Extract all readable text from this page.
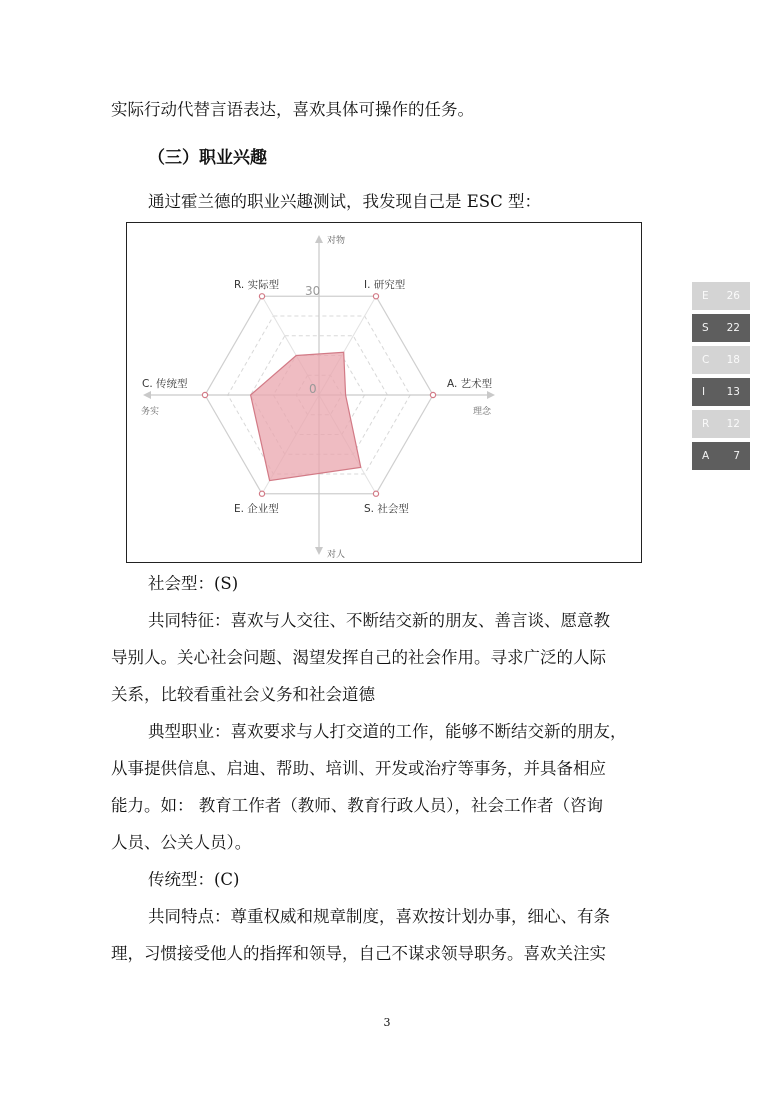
实际行动代替言语表达，喜欢具体可操作的任务。
（三）职业兴趣
通过霍兰德的职业兴趣测试，我发现自己是 ESC 型：
R. 实际型	I. 研究型
A. 艺术型
S. 社会型
E. 企业型
C. 传统型
对物
对人
务实	理念
30
0
E 26
S 22
C 18
I 13
R 12
A 7
社会型：(S)
共同特征：喜欢与人交往、不断结交新的朋友、善言谈、愿意教
导别人。关心社会问题、渴望发挥自己的社会作用。寻求广泛的人际
关系，比较看重社会义务和社会道德
典型职业：喜欢要求与人打交道的工作，能够不断结交新的朋友，
从事提供信息、启迪、帮助、培训、开发或治疗等事务，并具备相应
能力。如： 教育工作者（教师、教育行政人员），社会工作者（咨询
人员、公关人员）。
传统型：(C)
共同特点：尊重权威和规章制度，喜欢按计划办事，细心、有条
理，习惯接受他人的指挥和领导，自己不谋求领导职务。喜欢关注实
3
